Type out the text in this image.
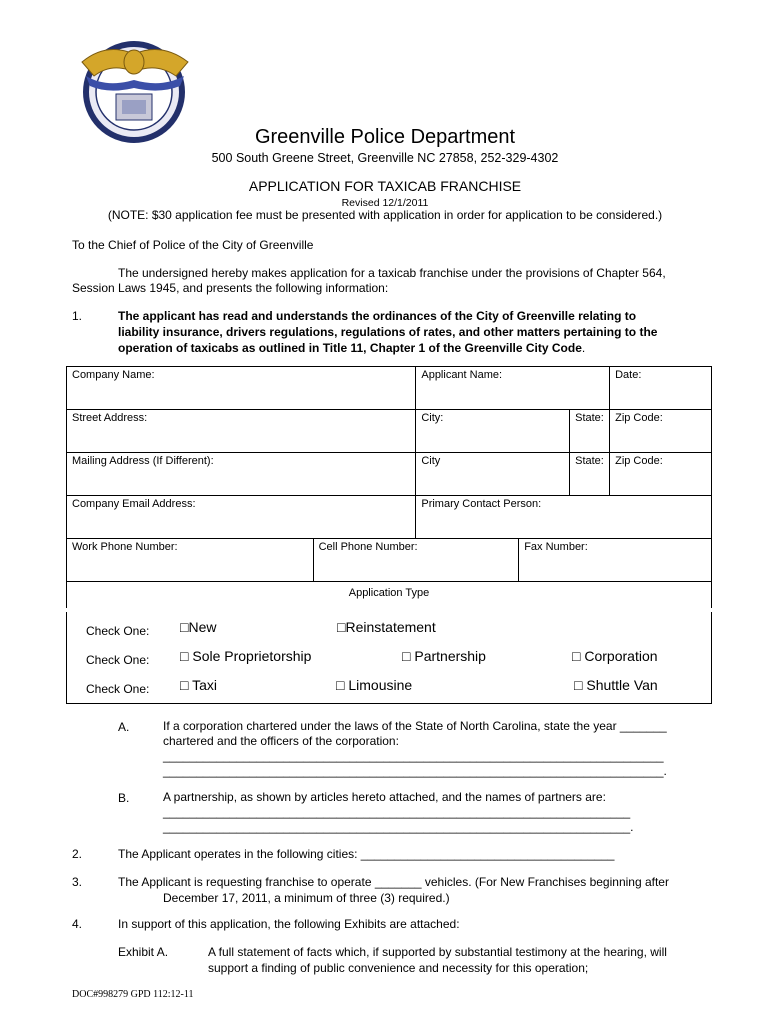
Greenville Police Department
500 South Greene Street, Greenville NC 27858, 252-329-4302
APPLICATION FOR TAXICAB FRANCHISE
Revised 12/1/2011
(NOTE: $30 application fee must be presented with application in order for application to be considered.)
To the Chief of Police of the City of Greenville
The undersigned hereby makes application for a taxicab franchise under the provisions of Chapter 564,
Session Laws 1945, and presents the following information:
1.	The applicant has read and understands the ordinances of the City of Greenville relating to
liability insurance, drivers regulations, regulations of rates, and other matters pertaining to the
operation of taxicabs as outlined in Title 11, Chapter 1 of the Greenville City Code.
Company Name:		Applicant Name:			Date:
Street Address:		City:		State:	Zip Code:
Mailing Address (If Different):		City		State:	Zip Code:
Company Email Address:		Primary Contact Person:			
Work Phone Number:	Cell Phone Number:		Fax Number:		
Application Type					
Check One: □New	□Reinstatement
Check One: □ Sole Proprietorship	□ Partnership	□ Corporation
Check One: □ Taxi	□ Limousine	□ Shuttle Van
A.	If a corporation chartered under the laws of the State of North Carolina, state the year _______
chartered and the officers of the corporation:
___________________________________________________________________________
___________________________________________________________________________.
B.	A partnership, as shown by articles hereto attached, and the names of partners are:
______________________________________________________________________
______________________________________________________________________.
2.	The Applicant operates in the following cities: ______________________________________
3.	The Applicant is requesting franchise to operate _______ vehicles. (For New Franchises beginning after
December 17, 2011, a minimum of three (3) required.)
4.	In support of this application, the following Exhibits are attached:
Exhibit A.	A full statement of facts which, if supported by substantial testimony at the hearing, will
support a finding of public convenience and necessity for this operation;
DOC#998279 GPD 112:12-11
